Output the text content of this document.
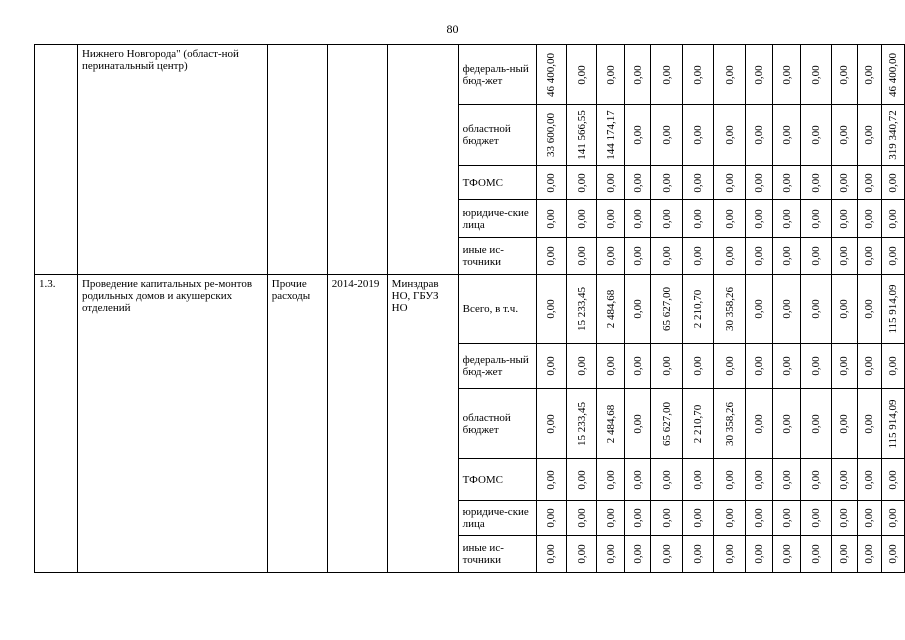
80
	Нижнего Новгорода" (област-ной перинатальный центр)				федераль-ный бюд-жет	46 400,00	0,00	0,00	0,00	0,00	0,00	0,00	0,00	0,00	0,00	0,00	0,00	46 400,00

					областной бюджет	33 600,00	141 566,55	144 174,17	0,00	0,00	0,00	0,00	0,00	0,00	0,00	0,00	0,00	319 340,72

					ТФОМС	0,00	0,00	0,00	0,00	0,00	0,00	0,00	0,00	0,00	0,00	0,00	0,00	0,00

					юридиче-ские лица	0,00	0,00	0,00	0,00	0,00	0,00	0,00	0,00	0,00	0,00	0,00	0,00	0,00

					иные ис-точники	0,00	0,00	0,00	0,00	0,00	0,00	0,00	0,00	0,00	0,00	0,00	0,00	0,00

1.3.	Проведение капитальных ре-монтов родильных домов и акушерских отделений	Прочие расходы	2014-2019	Минздрав НО, ГБУЗ НО	Всего, в т.ч.	0,00	15 233,45	2 484,68	0,00	65 627,00	2 210,70	30 358,26	0,00	0,00	0,00	0,00	0,00	115 914,09

					федераль-ный бюд-жет	0,00	0,00	0,00	0,00	0,00	0,00	0,00	0,00	0,00	0,00	0,00	0,00	0,00

					областной бюджет	0,00	15 233,45	2 484,68	0,00	65 627,00	2 210,70	30 358,26	0,00	0,00	0,00	0,00	0,00	115 914,09

					ТФОМС	0,00	0,00	0,00	0,00	0,00	0,00	0,00	0,00	0,00	0,00	0,00	0,00	0,00

					юридиче-ские лица	0,00	0,00	0,00	0,00	0,00	0,00	0,00	0,00	0,00	0,00	0,00	0,00	0,00

					иные ис-точники	0,00	0,00	0,00	0,00	0,00	0,00	0,00	0,00	0,00	0,00	0,00	0,00	0,00
